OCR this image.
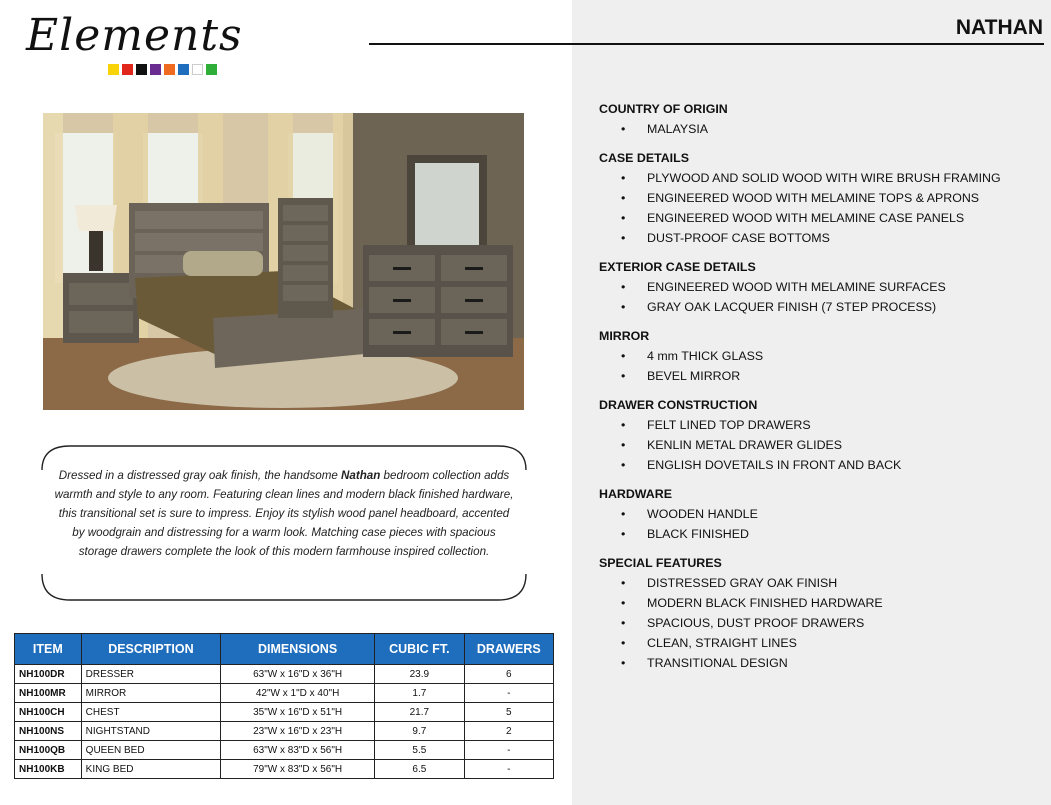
Elements	NATHAN
Dressed in a distressed gray oak finish, the handsome Nathan bedroom collection adds warmth and style to any room. Featuring clean lines and modern black finished hardware, this transitional set is sure to impress. Enjoy its stylish wood panel headboard, accented by woodgrain and distressing for a warm look. Matching case pieces with spacious storage drawers complete the look of this modern farmhouse inspired collection.
ITEM	DESCRIPTION	DIMENSIONS	CUBIC FT.	DRAWERS
NH100DR	DRESSER	63"W x 16"D x 36"H	23.9	6
NH100MR	MIRROR	42"W x 1"D x 40"H	1.7	-
NH100CH	CHEST	35"W x 16"D x 51"H	21.7	5
NH100NS	NIGHTSTAND	23"W x 16"D x 23"H	9.7	2
NH100QB	QUEEN BED	63"W x 83"D x 56"H	5.5	-
NH100KB	KING BED	79"W x 83"D x 56"H	6.5	-
COUNTRY OF ORIGIN
• MALAYSIA
CASE DETAILS
• PLYWOOD AND SOLID WOOD WITH WIRE BRUSH FRAMING
• ENGINEERED WOOD WITH MELAMINE TOPS & APRONS
• ENGINEERED WOOD WITH MELAMINE CASE PANELS
• DUST-PROOF CASE BOTTOMS
EXTERIOR CASE DETAILS
• ENGINEERED WOOD WITH MELAMINE SURFACES
• GRAY OAK LACQUER FINISH (7 STEP PROCESS)
MIRROR
• 4 mm THICK GLASS
• BEVEL MIRROR
DRAWER CONSTRUCTION
• FELT LINED TOP DRAWERS
• KENLIN METAL DRAWER GLIDES
• ENGLISH DOVETAILS IN FRONT AND BACK
HARDWARE
• WOODEN HANDLE
• BLACK FINISHED
SPECIAL FEATURES
• DISTRESSED GRAY OAK FINISH
• MODERN BLACK FINISHED HARDWARE
• SPACIOUS, DUST PROOF DRAWERS
• CLEAN, STRAIGHT LINES
• TRANSITIONAL DESIGN
